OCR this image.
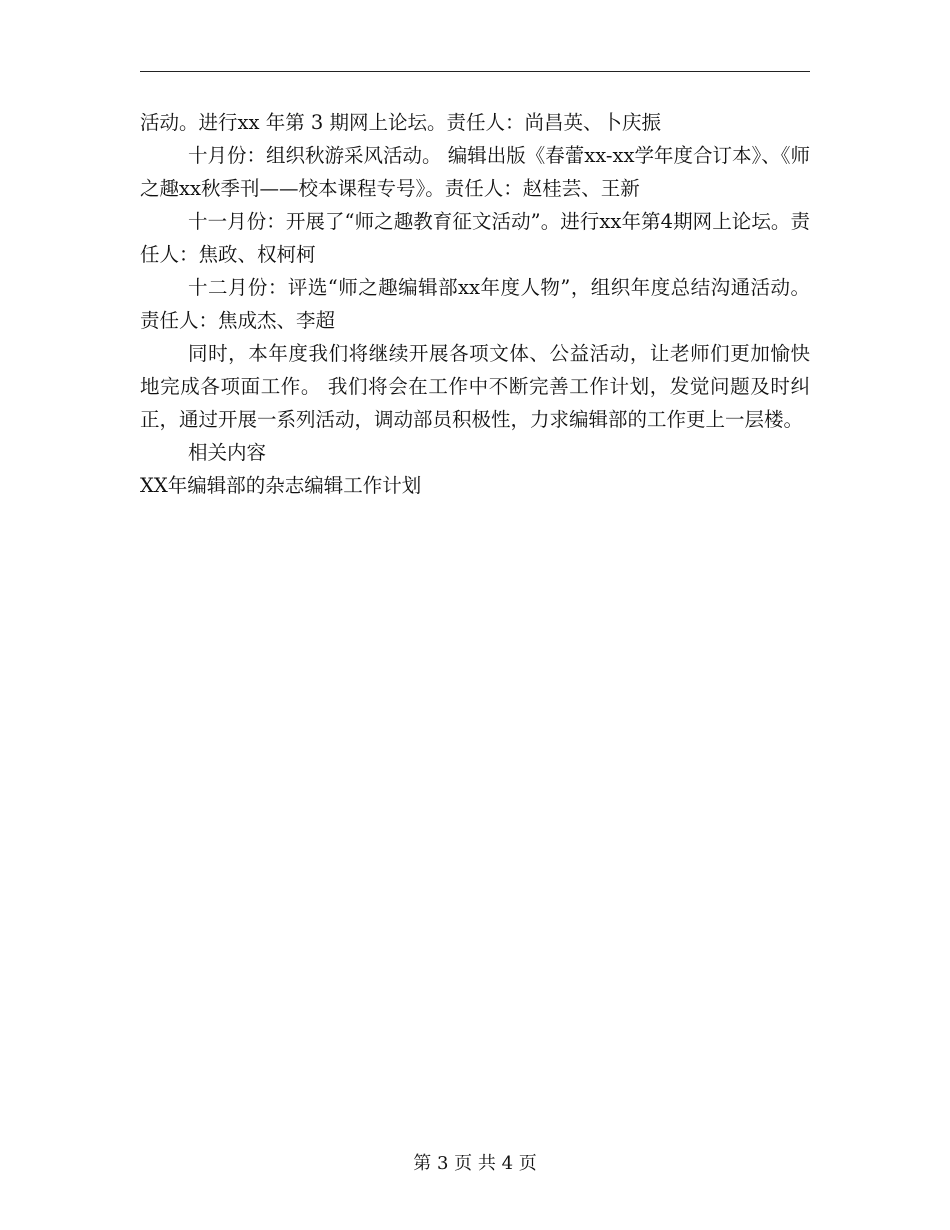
活动。进行xx 年第 3 期网上论坛。责任人：尚昌英、卜庆振

十月份：组织秋游采风活动。 编辑出版《春蕾xx-xx学年度合订本》、《师之趣xx秋季刊——校本课程专号》。责任人：赵桂芸、王新

十一月份：开展了“师之趣教育征文活动”。进行xx年第4期网上论坛。责任人：焦政、权柯柯

十二月份：评选“师之趣编辑部xx年度人物”，组织年度总结沟通活动。责任人：焦成杰、李超

同时，本年度我们将继续开展各项文体、公益活动，让老师们更加愉快地完成各项面工作。 我们将会在工作中不断完善工作计划，发觉问题及时纠正，通过开展一系列活动，调动部员积极性，力求编辑部的工作更上一层楼。

相关内容

XX年编辑部的杂志编辑工作计划

第 3 页 共 4 页
